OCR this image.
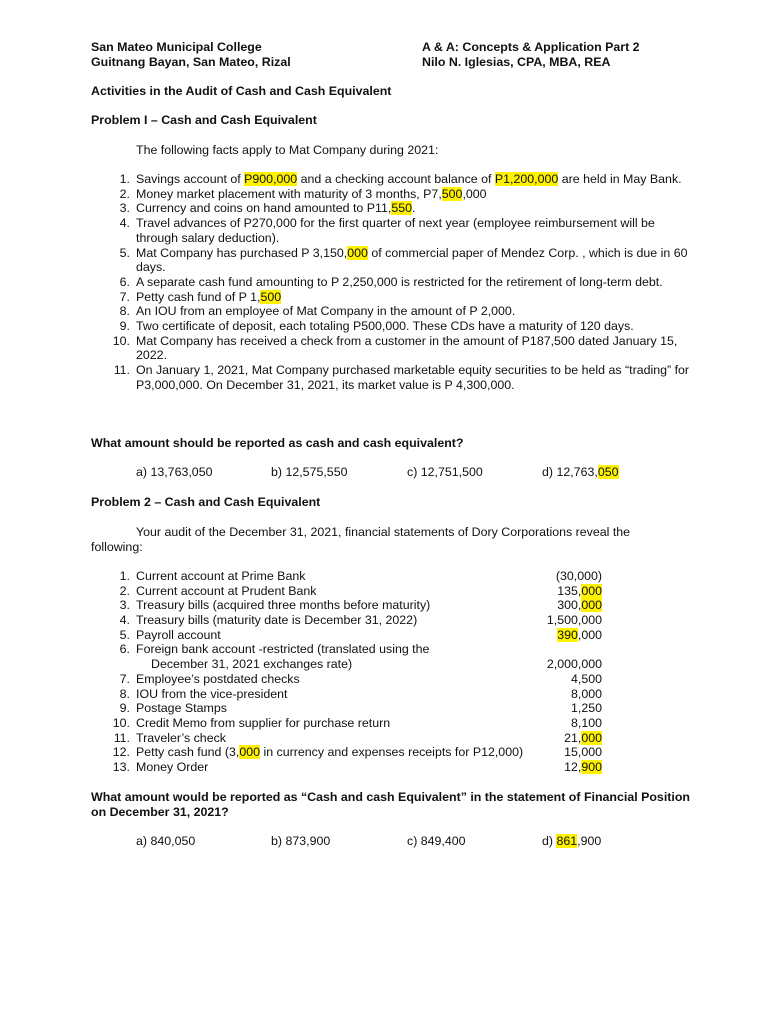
San Mateo Municipal College
Guitnang Bayan, San Mateo, Rizal
A & A: Concepts & Application Part 2
Nilo N. Iglesias, CPA, MBA, REA
Activities in the Audit of Cash and Cash Equivalent
Problem I – Cash and Cash Equivalent
The following facts apply to Mat Company during 2021:
1. Savings account of P900,000 and a checking account balance of P1,200,000 are held in May Bank.
2. Money market placement with maturity of 3 months, P7,500,000
3. Currency and coins on hand amounted to P11,550.
4. Travel advances of P270,000 for the first quarter of next year (employee reimbursement will be through salary deduction).
5. Mat Company has purchased P 3,150,000 of commercial paper of Mendez Corp. , which is due in 60 days.
6. A separate cash fund amounting to P 2,250,000 is restricted for the retirement of long-term debt.
7. Petty cash fund of P 1,500
8. An IOU from an employee of Mat Company in the amount of P 2,000.
9. Two certificate of deposit, each totaling P500,000. These CDs have a maturity of 120 days.
10. Mat Company has received a check from a customer in the amount of P187,500 dated January 15, 2022.
11. On January 1, 2021, Mat Company purchased marketable equity securities to be held as “trading” for P3,000,000. On December 31, 2021, its market value is P 4,300,000.
What amount should be reported as cash and cash equivalent?
a) 13,763,050	b) 12,575,550	c) 12,751,500	d) 12,763,050
Problem 2 – Cash and Cash Equivalent
Your audit of the December 31, 2021, financial statements of Dory Corporations reveal the
following:
1. Current account at Prime Bank	(30,000)
2. Current account at Prudent Bank	135,000
3. Treasury bills (acquired three months before maturity)	300,000
4. Treasury bills (maturity date is December 31, 2022)	1,500,000
5. Payroll account	390,000
6. Foreign bank account -restricted (translated using the
December 31, 2021 exchanges rate)	2,000,000
7. Employee’s postdated checks	4,500
8. IOU from the vice-president	8,000
9. Postage Stamps	1,250
10. Credit Memo from supplier for purchase return	8,100
11. Traveler’s check	21,000
12. Petty cash fund (3,000 in currency and expenses receipts for P12,000)	15,000
13. Money Order	12,900
What amount would be reported as “Cash and cash Equivalent” in the statement of Financial Position
on December 31, 2021?
a) 840,050	b) 873,900	c) 849,400	d) 861,900
